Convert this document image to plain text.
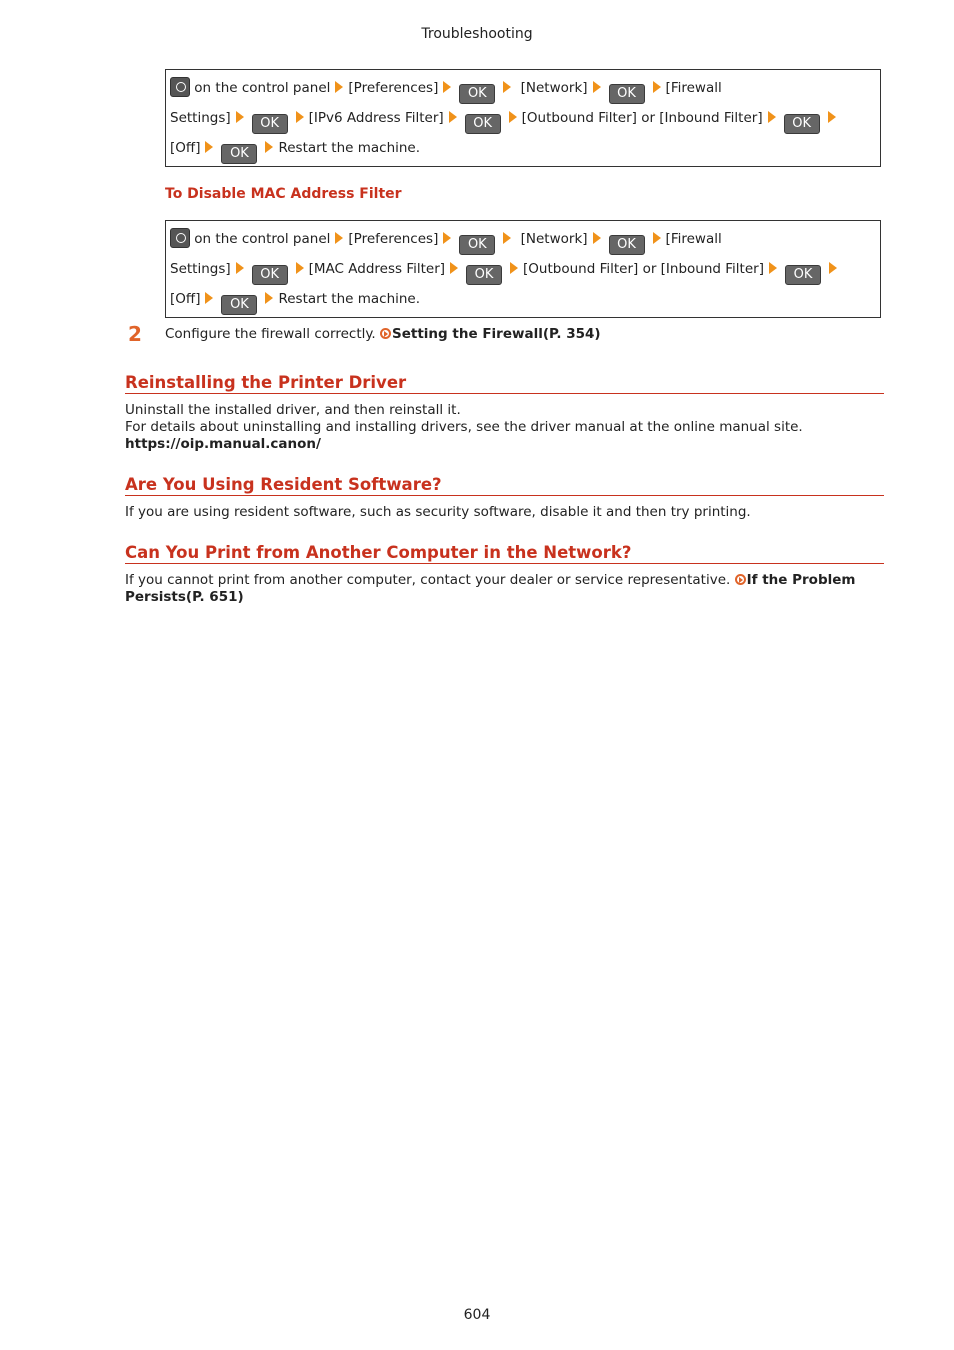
Troubleshooting
on the control panel [Preferences] OK	[Network] OK [Firewall
Settings] OK [IPv6 Address Filter] OK [Outbound Filter] or [Inbound Filter] OK
[Off] OK Restart the machine.
To Disable MAC Address Filter
on the control panel [Preferences] OK	[Network] OK [Firewall
Settings] OK [MAC Address Filter] OK [Outbound Filter] or [Inbound Filter] OK
[Off] OK Restart the machine.
2 Configure the firewall correctly. Setting the Firewall(P. 354)
Reinstalling the Printer Driver
Uninstall the installed driver, and then reinstall it.
For details about uninstalling and installing drivers, see the driver manual at the online manual site.
https://oip.manual.canon/
Are You Using Resident Software?
If you are using resident software, such as security software, disable it and then try printing.
Can You Print from Another Computer in the Network?
If you cannot print from another computer, contact your dealer or service representative. If the Problem
Persists(P. 651)
604
